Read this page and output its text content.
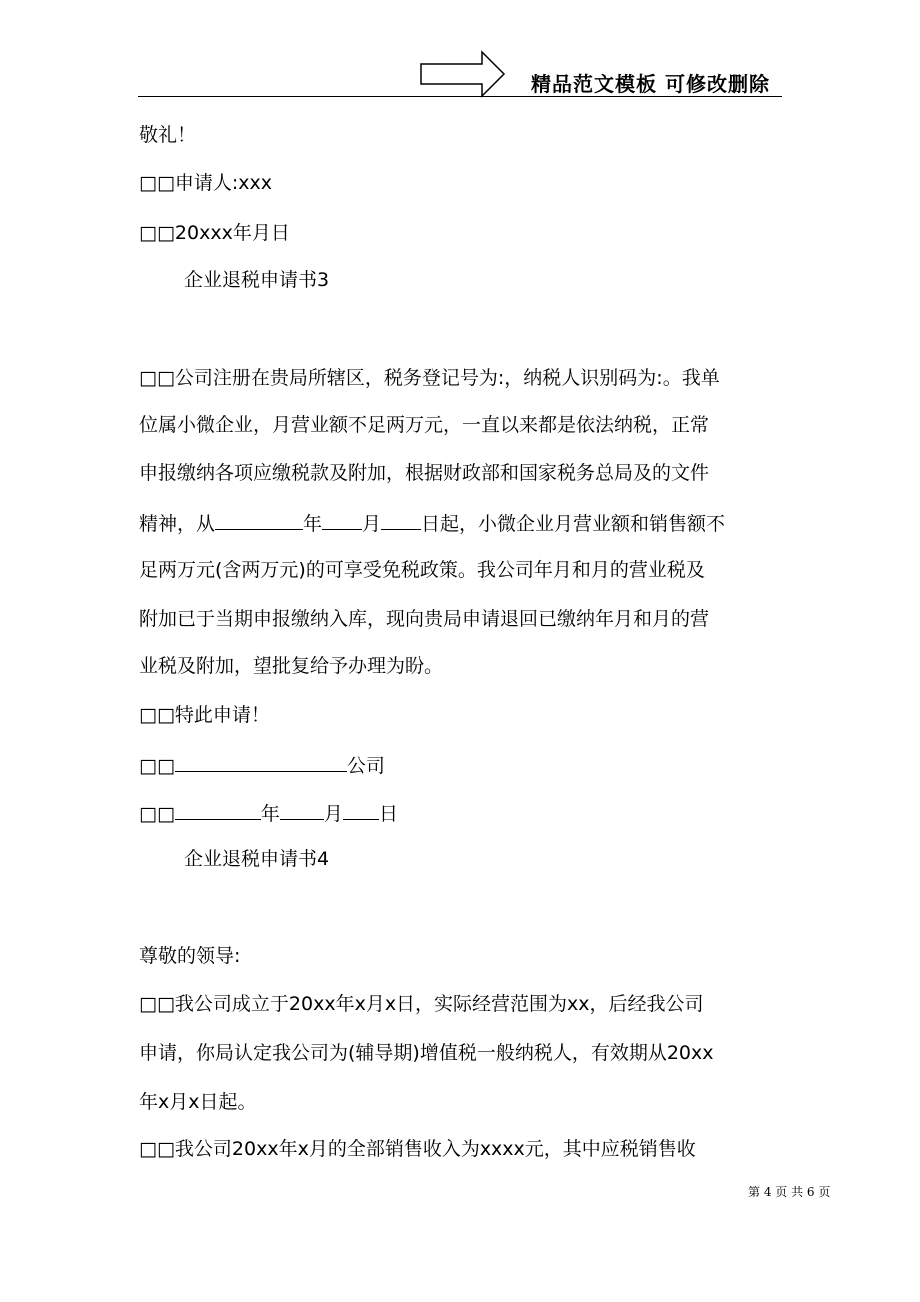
精品范文模板 可修改删除
敬礼！
□□申请人:xxx
□□20xxx年月日
企业退税申请书3
□□公司注册在贵局所辖区，税务登记号为:，纳税人识别码为:。我单
位属小微企业，月营业额不足两万元，一直以来都是依法纳税，正常
申报缴纳各项应缴税款及附加，根据财政部和国家税务总局及的文件
精神，从	年 月 日起，小微企业月营业额和销售额不
足两万元(含两万元)的可享受免税政策。我公司年月和月的营业税及
附加已于当期申报缴纳入库，现向贵局申请退回已缴纳年月和月的营
业税及附加，望批复给予办理为盼。
□□特此申请！
□□	公司
□□	年 月 日
企业退税申请书4
尊敬的领导:
□□我公司成立于20xx年x月x日，实际经营范围为xx，后经我公司
申请，你局认定我公司为(辅导期)增值税一般纳税人，有效期从20xx
年x月x日起。
□□我公司20xx年x月的全部销售收入为xxxx元，其中应税销售收
第 4 页 共 6 页
